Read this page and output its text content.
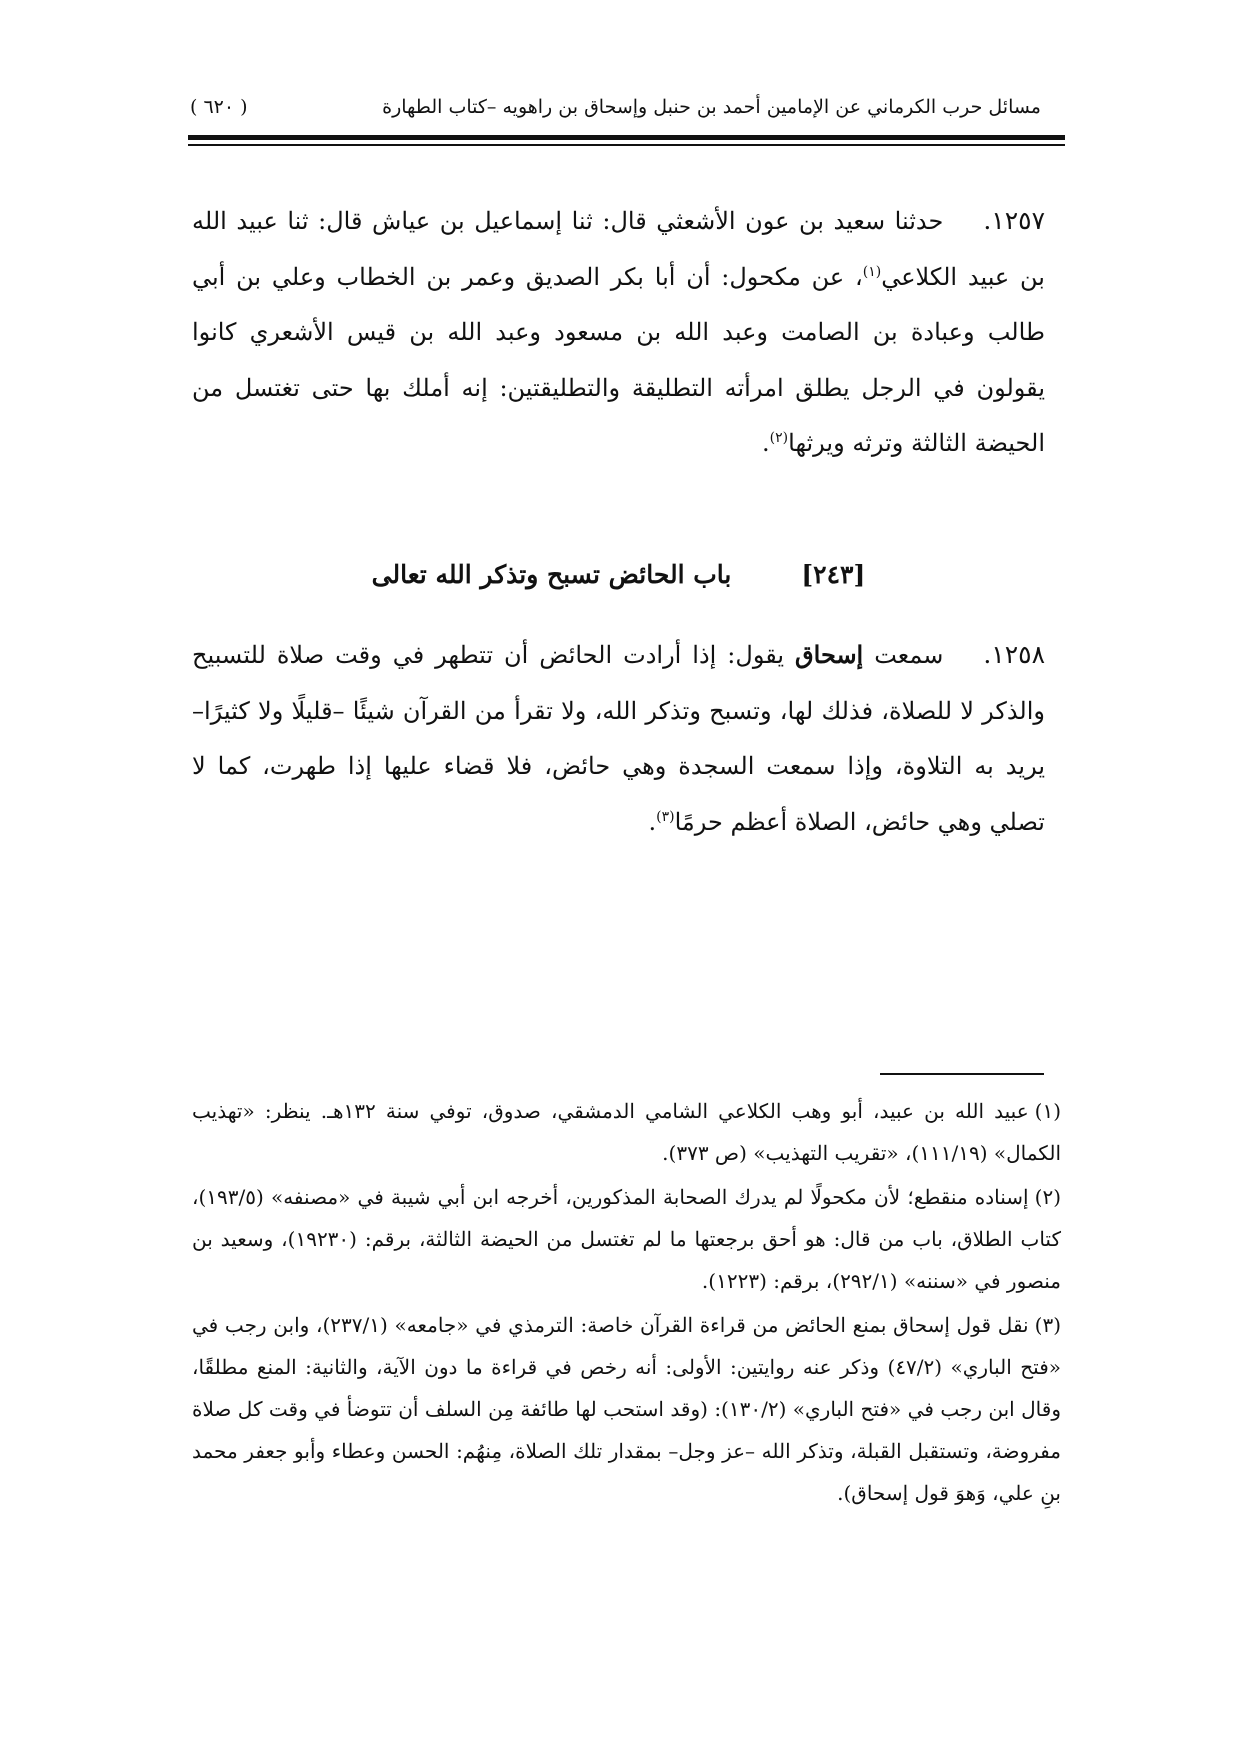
مسائل حرب الكرماني عن الإمامين أحمد بن حنبل وإسحاق بن راهويه –كتاب الطهارة
( ٦٢٠ )
١٢٥٧.حدثنا سعيد بن عون الأشعثي قال: ثنا إسماعيل بن عياش قال: ثنا عبيد الله بن عبيد الكلاعي$^{(١)}$، عن مكحول: أن أبا بكر الصديق وعمر بن الخطاب وعلي بن أبي طالب وعبادة بن الصامت وعبد الله بن مسعود وعبد الله بن قيس الأشعري كانوا يقولون في الرجل يطلق امرأته التطليقة والتطليقتين: إنه أملك بها حتى تغتسل من الحيضة الثالثة وترثه ويرثها$^{(٢)}$.
[٢٤٣]باب الحائض تسبح وتذكر الله تعالى
١٢٥٨.سمعت إسحاق يقول: إذا أرادت الحائض أن تتطهر في وقت صلاة للتسبيح والذكر لا للصلاة، فذلك لها، وتسبح وتذكر الله، ولا تقرأ من القرآن شيئًا –قليلًا ولا كثيرًا– يريد به التلاوة، وإذا سمعت السجدة وهي حائض، فلا قضاء عليها إذا طهرت، كما لا تصلي وهي حائض، الصلاة أعظم حرمًا$^{(٣)}$.
(١)عبيد الله بن عبيد، أبو وهب الكلاعي الشامي الدمشقي، صدوق، توفي سنة ١٣٢هـ. ينظر: «تهذيب الكمال» (١١١/١٩)، «تقريب التهذيب» (ص ٣٧٣).
(٢)إسناده منقطع؛ لأن مكحولًا لم يدرك الصحابة المذكورين، أخرجه ابن أبي شيبة في «مصنفه» (١٩٣/٥)، كتاب الطلاق، باب من قال: هو أحق برجعتها ما لم تغتسل من الحيضة الثالثة، برقم: (١٩٢٣٠)، وسعيد بن منصور في «سننه» (٢٩٢/١)، برقم: (١٢٢٣).
(٣)نقل قول إسحاق بمنع الحائض من قراءة القرآن خاصة: الترمذي في «جامعه» (٢٣٧/١)، وابن رجب في «فتح الباري» (٤٧/٢) وذكر عنه روايتين: الأولى: أنه رخص في قراءة ما دون الآية، والثانية: المنع مطلقًا، وقال ابن رجب في «فتح الباري» (١٣٠/٢): (وقد استحب لها طائفة مِن السلف أن تتوضأ في وقت كل صلاة مفروضة، وتستقبل القبلة، وتذكر الله –عز وجل– بمقدار تلك الصلاة، مِنهُم: الحسن وعطاء وأبو جعفر محمد بنِ علي، وَهوَ قول إسحاق).
